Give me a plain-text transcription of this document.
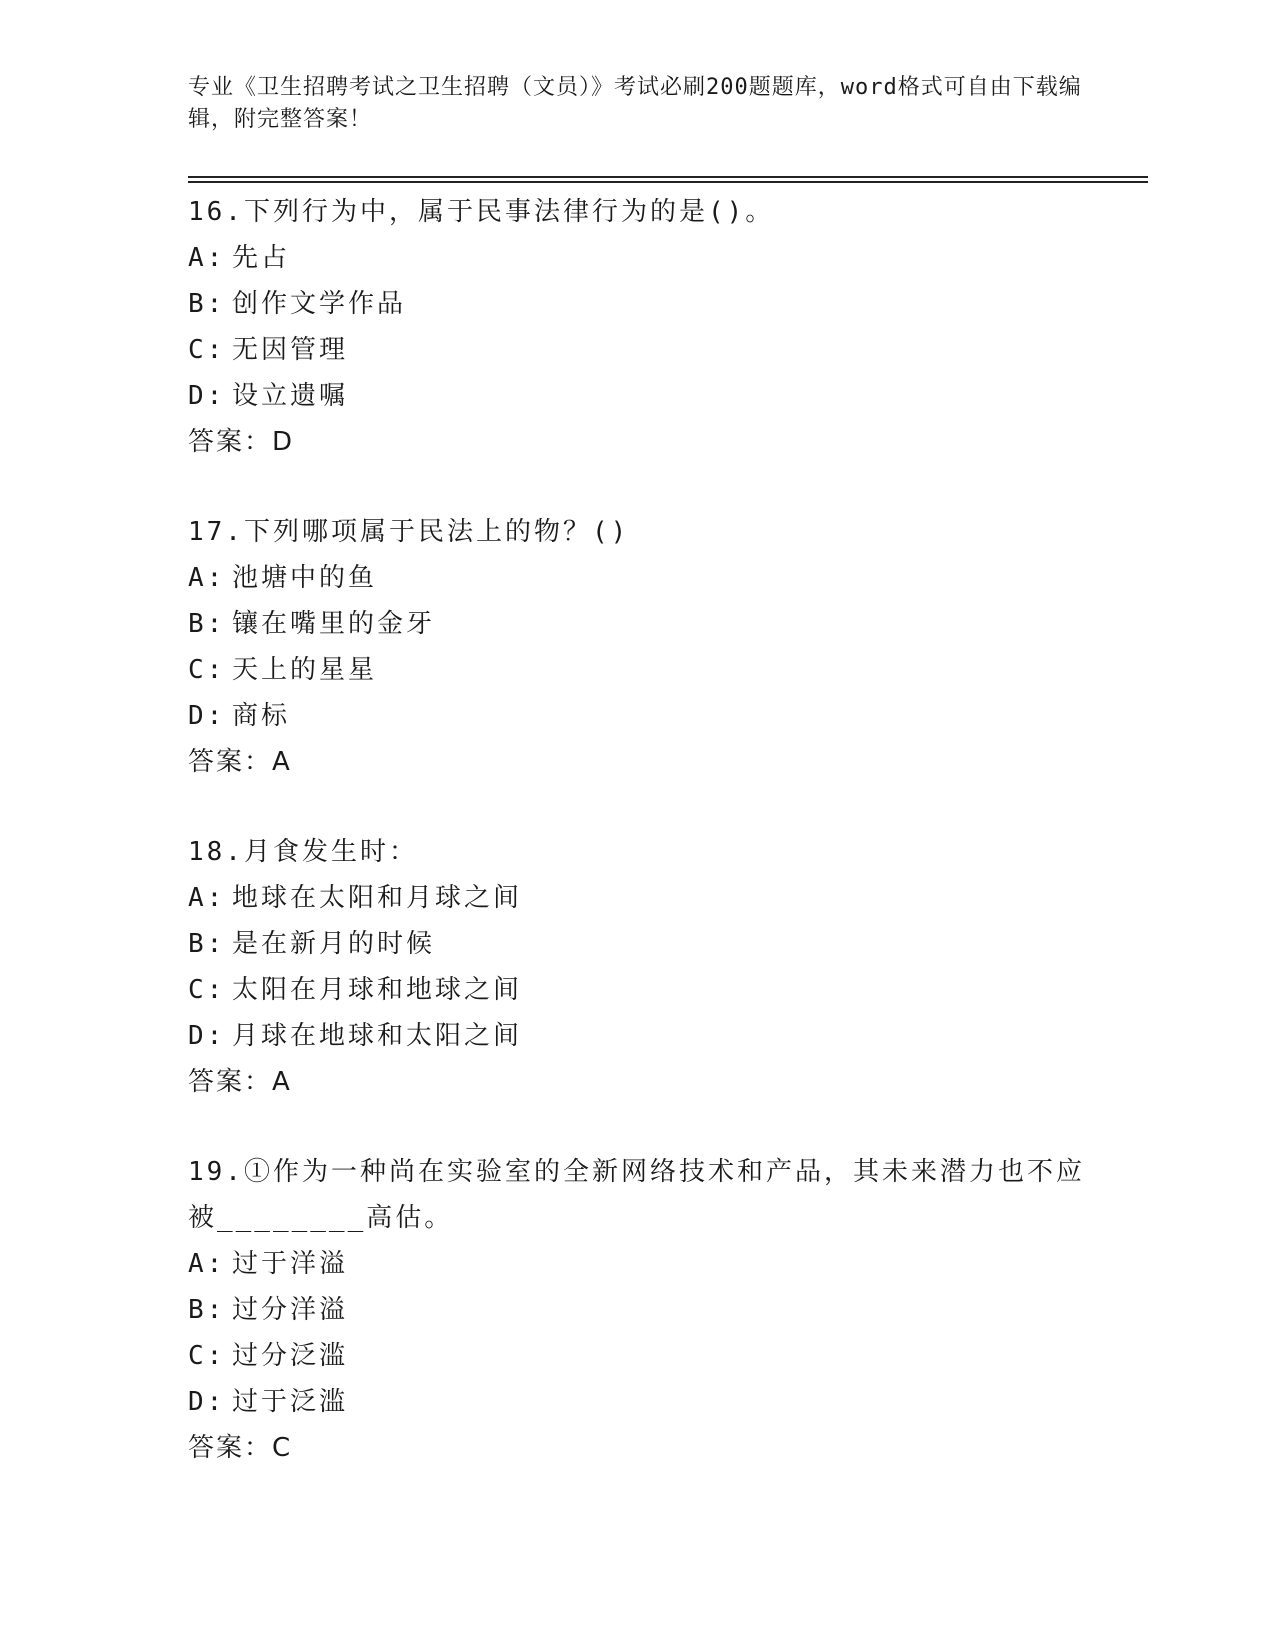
专业《卫生招聘考试之卫生招聘（文员）》考试必刷200题题库，word格式可自由下载编辑，附完整答案！

16.下列行为中，属于民事法律行为的是()。

A: 先占

B: 创作文学作品

C: 无因管理

D: 设立遗嘱

答案：D

17.下列哪项属于民法上的物？()

A: 池塘中的鱼

B: 镶在嘴里的金牙

C: 天上的星星

D: 商标

答案：A

18.月食发生时：

A: 地球在太阳和月球之间

B: 是在新月的时候

C: 太阳在月球和地球之间

D: 月球在地球和太阳之间

答案：A

19.①作为一种尚在实验室的全新网络技术和产品，其未来潜力也不应被________高估。

A: 过于洋溢

B: 过分洋溢

C: 过分泛滥

D: 过于泛滥

答案：C
